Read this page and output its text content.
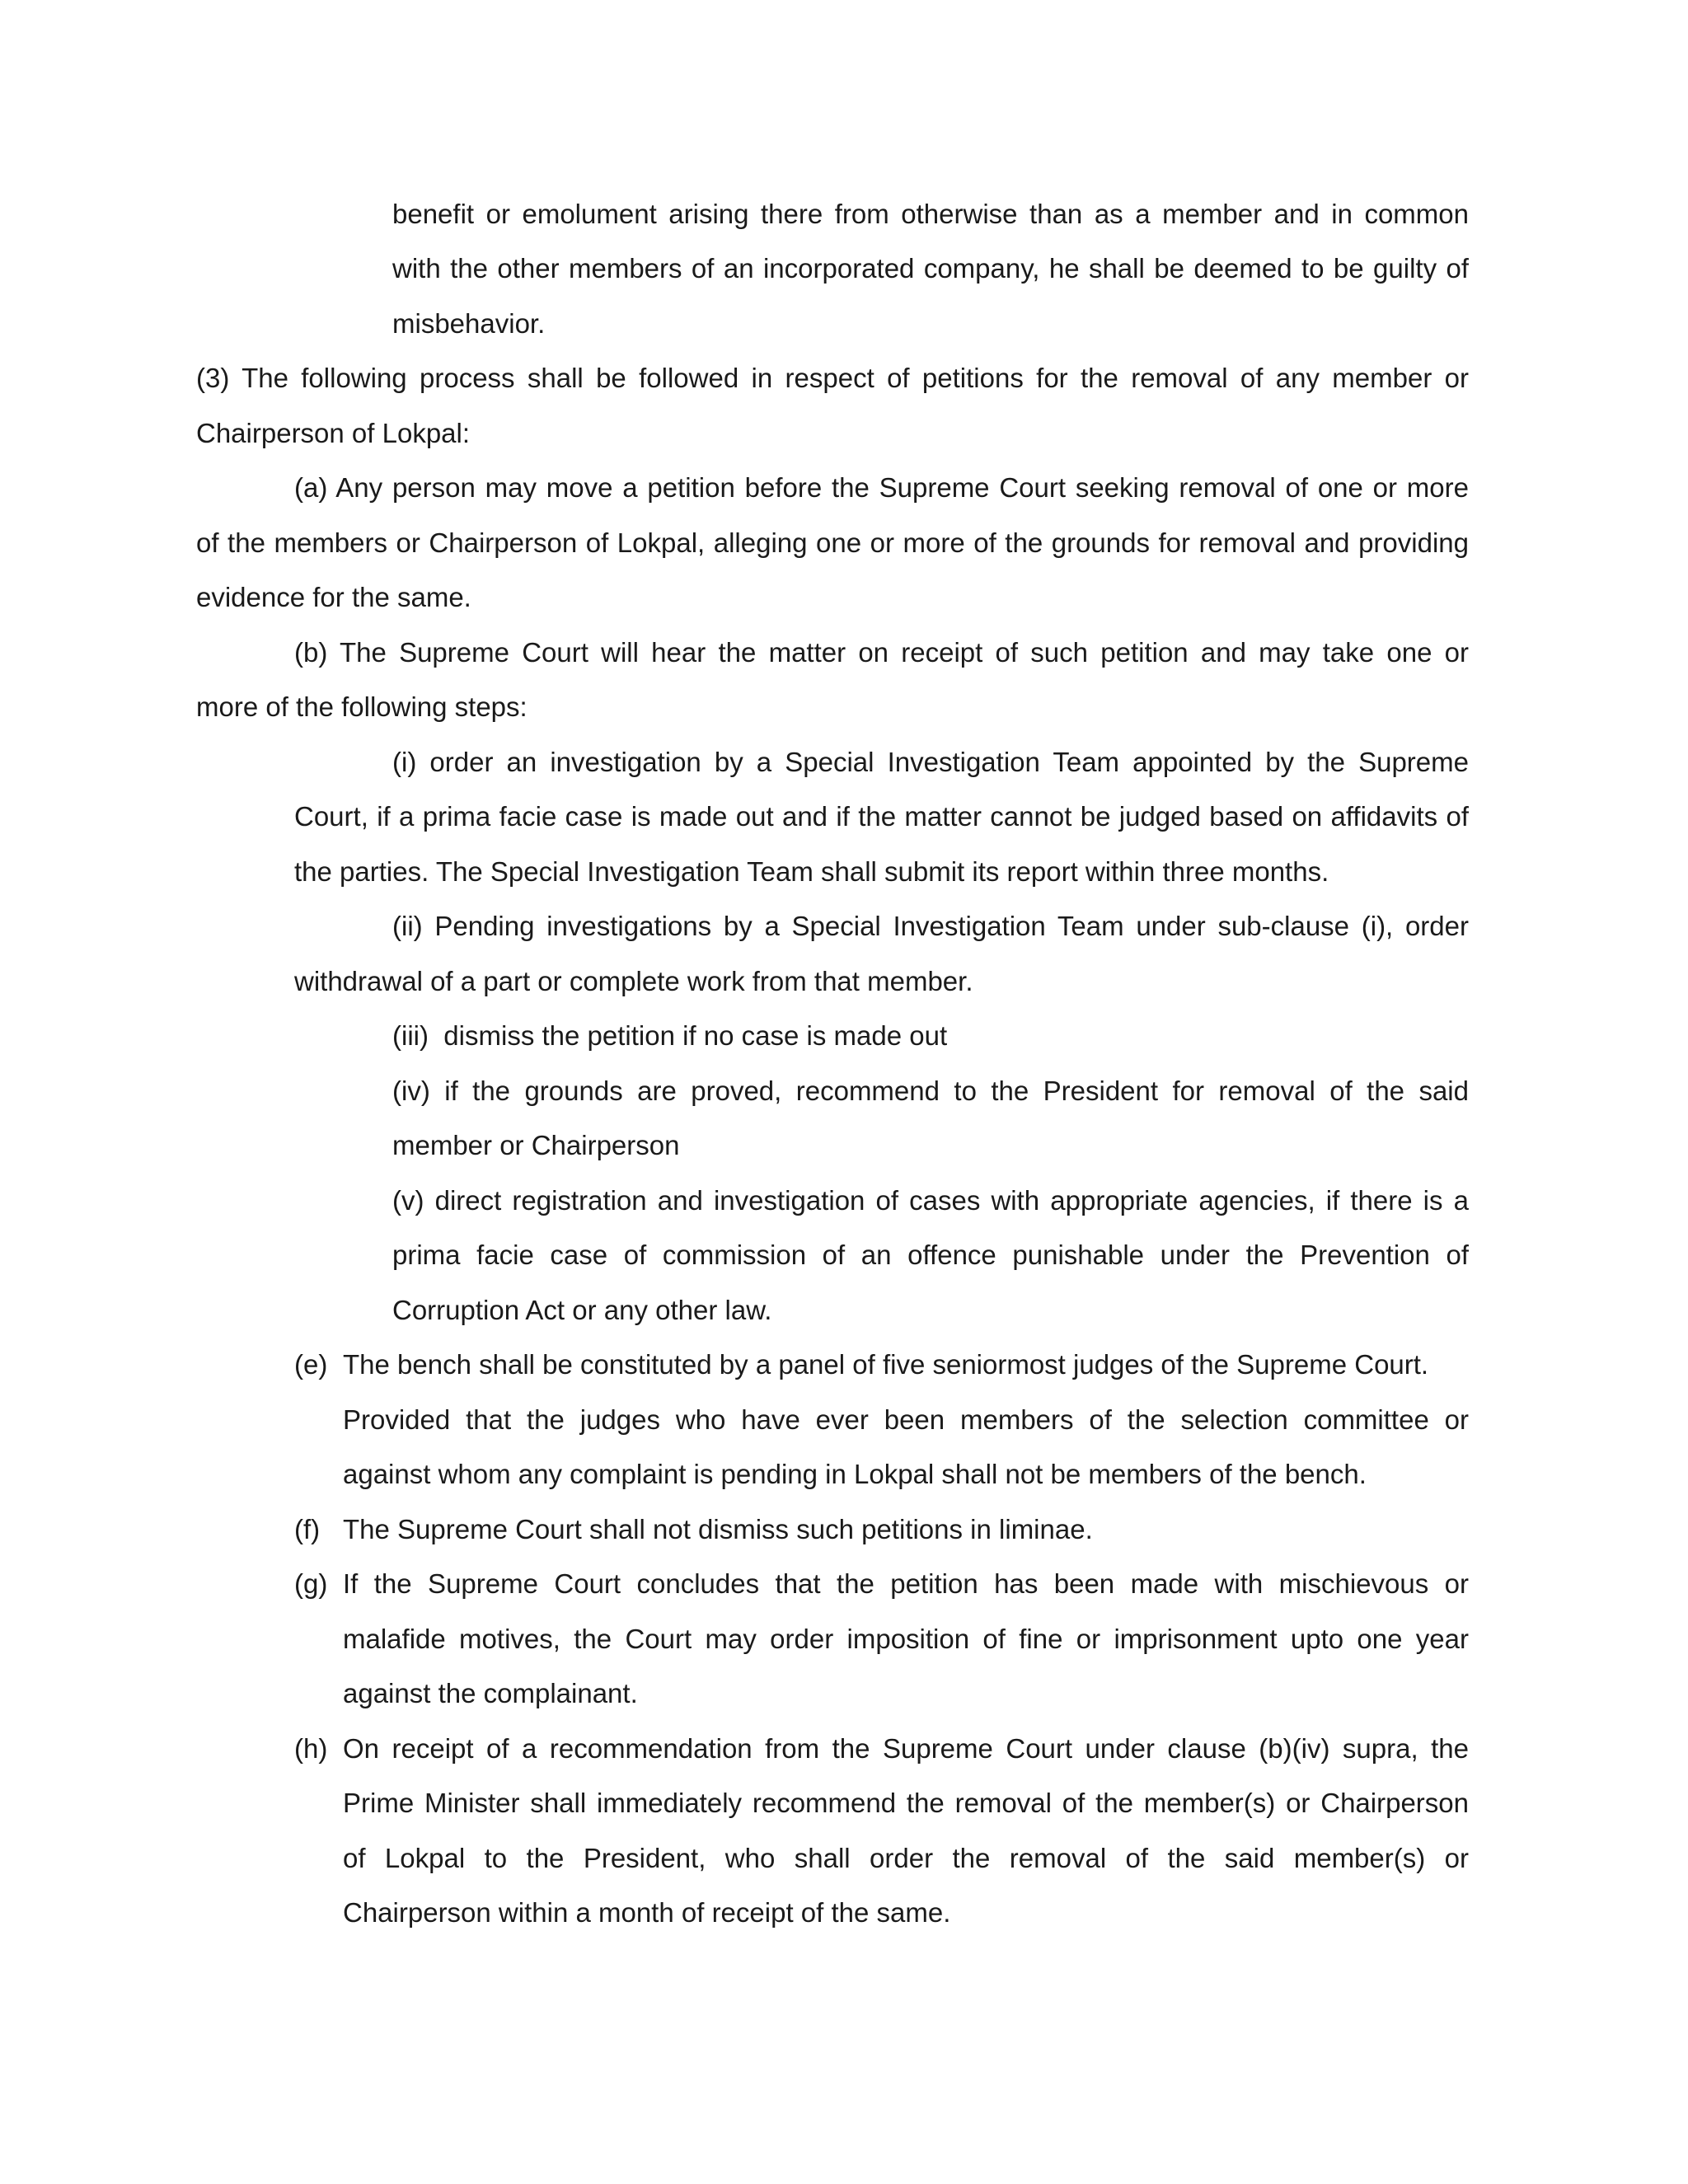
benefit or emolument arising there from otherwise than as a member and in common
with the other members of an incorporated company, he shall be deemed to be guilty of
misbehavior.
(3) The following process shall be followed in respect of petitions for the removal of any member or
Chairperson of Lokpal:
(a) Any person may move a petition before the Supreme Court seeking removal of one or more
of the members or Chairperson of Lokpal, alleging one or more of the grounds for removal and providing
evidence for the same.
(b) The Supreme Court will hear the matter on receipt of such petition and may take one or
more of the following steps:
(i) order an investigation by a Special Investigation Team appointed by the Supreme
Court, if a prima facie case is made out and if the matter cannot be judged based on affidavits of
the parties. The Special Investigation Team shall submit its report within three months.
(ii) Pending investigations by a Special Investigation Team under sub-clause (i), order
withdrawal of a part or complete work from that member.
(iii)  dismiss the petition if no case is made out
(iv) if the grounds are proved, recommend to the President for removal of the said
member or Chairperson
(v) direct registration and investigation of cases with appropriate agencies, if there is a
prima facie case of commission of an offence punishable under the Prevention of
Corruption Act or any other law.
(e) The bench shall be constituted by a panel of five seniormost judges of the Supreme Court.
Provided that the judges who have ever been members of the selection committee or
against whom any complaint is pending in Lokpal shall not be members of the bench.
(f) The Supreme Court shall not dismiss such petitions in liminae.
(g) If the Supreme Court concludes that the petition has been made with mischievous or
malafide motives, the Court may order imposition of fine or imprisonment upto one year
against the complainant.
(h) On receipt of a recommendation from the Supreme Court under clause (b)(iv) supra, the
Prime Minister shall immediately recommend the removal of the member(s) or Chairperson
of Lokpal to the President, who shall order the removal of the said member(s) or
Chairperson within a month of receipt of the same.
